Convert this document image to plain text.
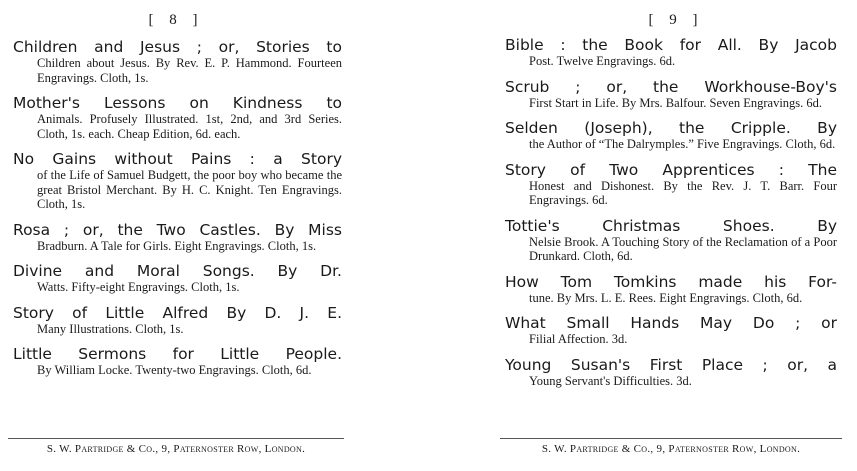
[ 8 ]
Children and Jesus ; or, Stories to
Children about Jesus. By Rev. E. P. Hammond. Fourteen Engravings. Cloth, 1s.
Mother's Lessons on Kindness to
Animals. Profusely Illustrated. 1st, 2nd, and 3rd Series. Cloth, 1s. each. Cheap Edition, 6d. each.
No Gains without Pains : a Story
of the Life of Samuel Budgett, the poor boy who became the great Bristol Merchant. By H. C. Knight. Ten Engravings. Cloth, 1s.
Rosa ; or, the Two Castles. By Miss
Bradburn. A Tale for Girls. Eight Engravings. Cloth, 1s.
Divine and Moral Songs. By Dr.
Watts. Fifty-eight Engravings. Cloth, 1s.
Story of Little Alfred By D. J. E.
Many Illustrations. Cloth, 1s.
Little Sermons for Little People.
By William Locke. Twenty-two Engravings. Cloth, 6d.
S. W. Partridge & Co., 9, Paternoster Row, London.
[ 9 ]
Bible : the Book for All. By Jacob
Post. Twelve Engravings. 6d.
Scrub ; or, the Workhouse-Boy's
First Start in Life. By Mrs. Balfour. Seven Engravings. 6d.
Selden (Joseph), the Cripple. By
the Author of “The Dalrymples.” Five Engravings. Cloth, 6d.
Story of Two Apprentices : The
Honest and Dishonest. By the Rev. J. T. Barr. Four Engravings. 6d.
Tottie's Christmas Shoes. By
Nelsie Brook. A Touching Story of the Reclamation of a Poor Drunkard. Cloth, 6d.
How Tom Tomkins made his For-
tune. By Mrs. L. E. Rees. Eight Engravings. Cloth, 6d.
What Small Hands May Do ; or
Filial Affection. 3d.
Young Susan's First Place ; or, a
Young Servant's Difficulties. 3d.
S. W. Partridge & Co., 9, Paternoster Row, London.
